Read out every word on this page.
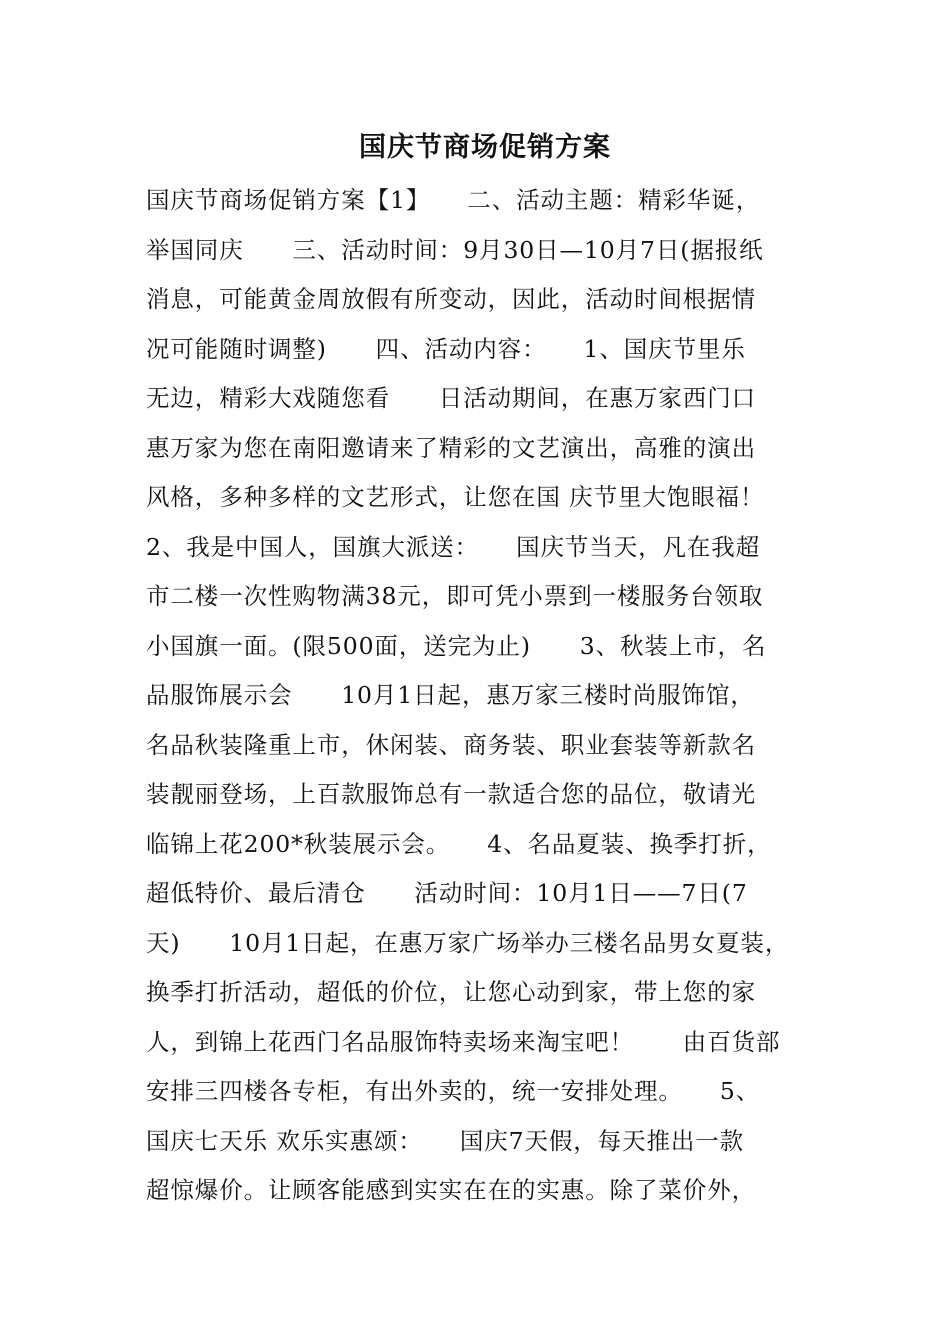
国庆节商场促销方案
国庆节商场促销方案【1】　　二、活动主题：精彩华诞，
举国同庆　　三、活动时间：9月30日—10月7日(据报纸
消息，可能黄金周放假有所变动，因此，活动时间根据情
况可能随时调整)　　四、活动内容：　　1、国庆节里乐
无边，精彩大戏随您看　　日活动期间，在惠万家西门口
惠万家为您在南阳邀请来了精彩的文艺演出，高雅的演出
风格，多种多样的文艺形式，让您在国 庆节里大饱眼福！
2、我是中国人，国旗大派送：　　国庆节当天，凡在我超
市二楼一次性购物满38元，即可凭小票到一楼服务台领取
小国旗一面。(限500面，送完为止)　　3、秋装上市，名
品服饰展示会　　10月1日起，惠万家三楼时尚服饰馆，
名品秋装隆重上市，休闲装、商务装、职业套装等新款名
装靓丽登场，上百款服饰总有一款适合您的品位，敬请光
临锦上花200*秋装展示会。　　4、名品夏装、换季打折，
超低特价、最后清仓　　活动时间：10月1日——7日(7
天)　　10月1日起，在惠万家广场举办三楼名品男女夏装，
换季打折活动，超低的价位，让您心动到家，带上您的家
人，到锦上花西门名品服饰特卖场来淘宝吧！　　由百货部
安排三四楼各专柜，有出外卖的，统一安排处理。　　5、
国庆七天乐 欢乐实惠颂：　　国庆7天假，每天推出一款
超惊爆价。让顾客能感到实实在在的实惠。除了菜价外，
